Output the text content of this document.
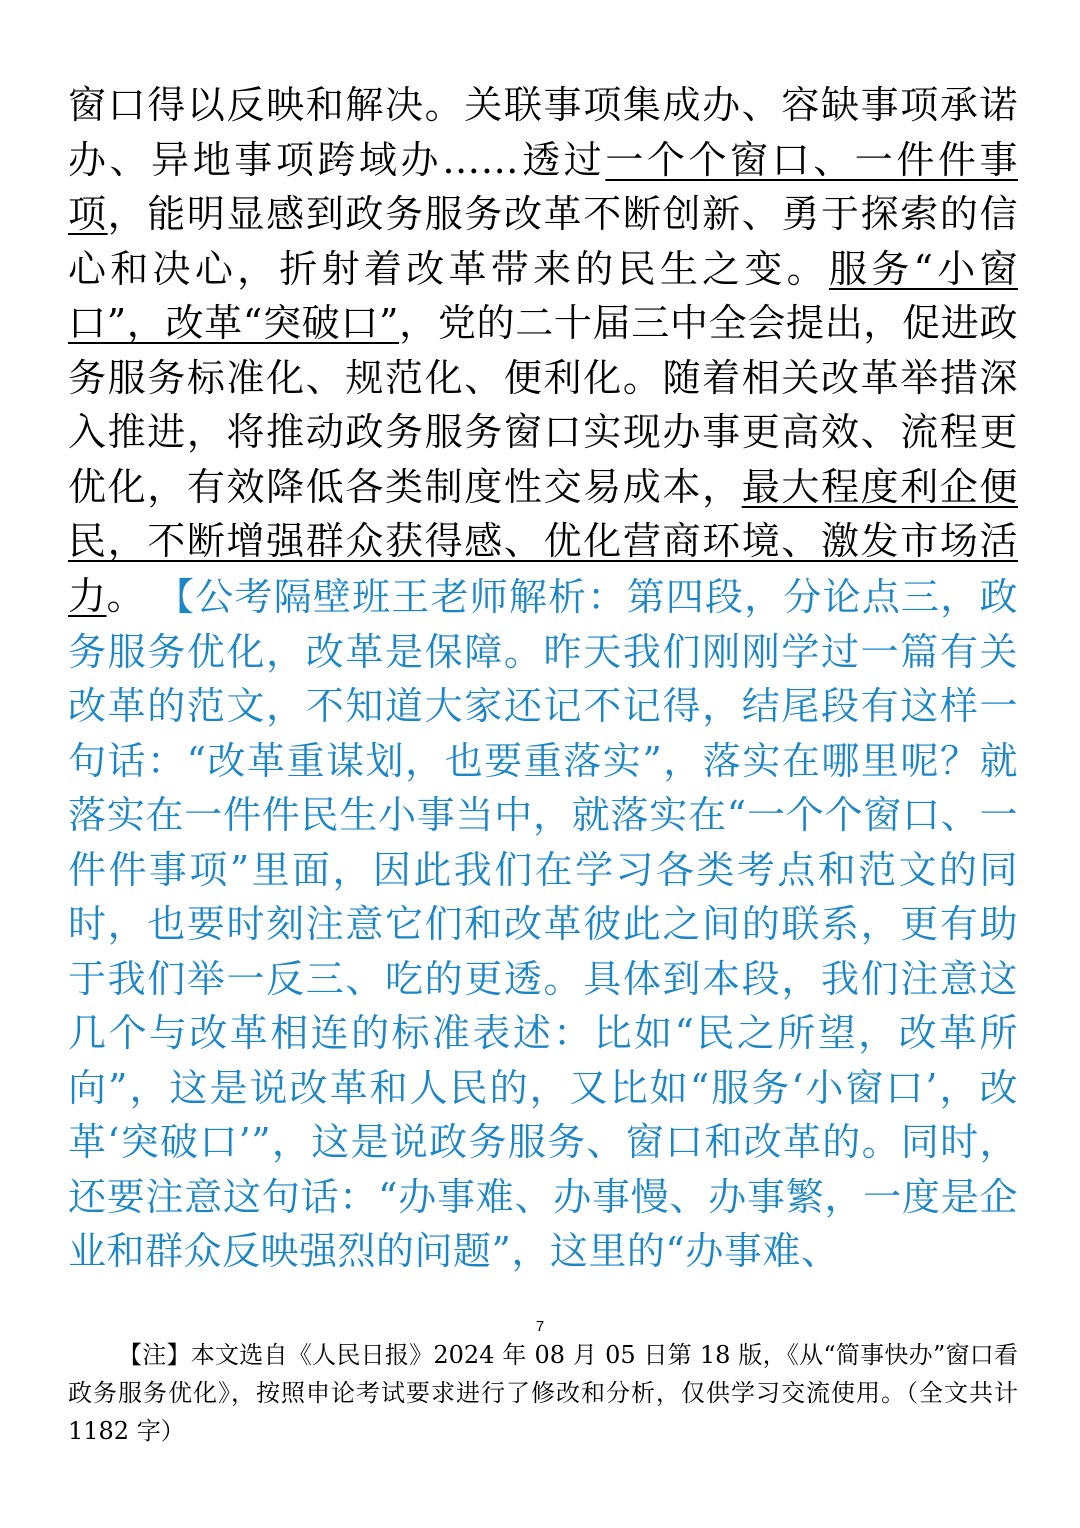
窗口得以反映和解决。关联事项集成办、容缺事项承诺办、异地事项跨域办……透过一个个窗口、一件件事项，能明显感到政务服务改革不断创新、勇于探索的信心和决心，折射着改革带来的民生之变。服务“小窗口”，改革“突破口”，党的二十届三中全会提出，促进政务服务标准化、规范化、便利化。随着相关改革举措深入推进，将推动政务服务窗口实现办事更高效、流程更优化，有效降低各类制度性交易成本，最大程度利企便民，不断增强群众获得感、优化营商环境、激发市场活力。 【公考隔壁班王老师解析：第四段，分论点三，政务服务优化，改革是保障。昨天我们刚刚学过一篇有关改革的范文，不知道大家还记不记得，结尾段有这样一句话：“改革重谋划，也要重落实”，落实在哪里呢？就落实在一件件民生小事当中，就落实在“一个个窗口、一件件事项”里面，因此我们在学习各类考点和范文的同时，也要时刻注意它们和改革彼此之间的联系，更有助于我们举一反三、吃的更透。具体到本段，我们注意这几个与改革相连的标准表述：比如“民之所望，改革所向”，这是说改革和人民的，又比如“服务‘小窗口’，改革‘突破口’”，这是说政务服务、窗口和改革的。同时，还要注意这句话：“办事难、办事慢、办事繁，一度是企业和群众反映强烈的问题”，这里的“办事难、
7
【注】本文选自《人民日报》2024 年 08 月 05 日第 18 版，《从“简事快办”窗口看政务服务优化》，按照申论考试要求进行了修改和分析，仅供学习交流使用。（全文共计 1182 字）
